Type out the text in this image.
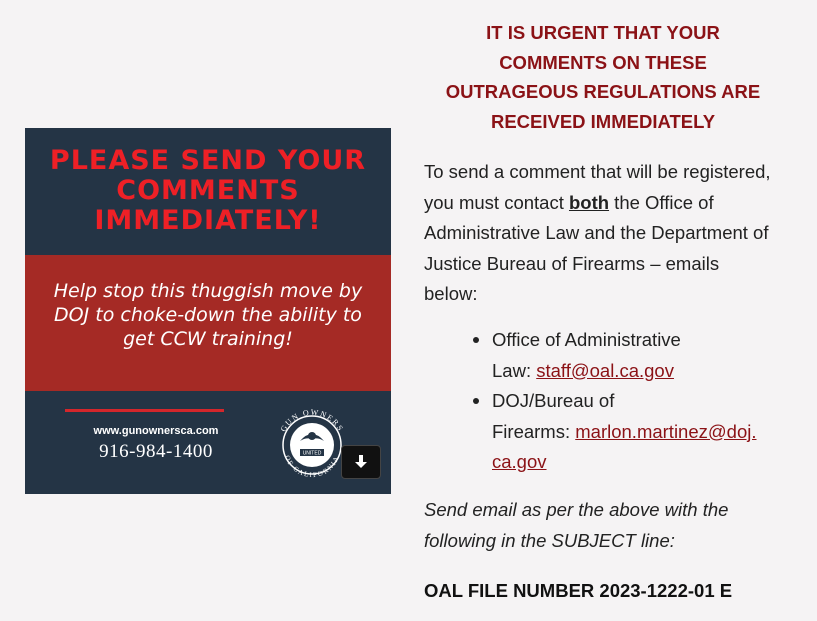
PLEASE SEND YOUR
COMMENTS
IMMEDIATELY!
Help stop this thuggish move by
DOJ to choke-down the ability to
get CCW training!
www.gunownersca.com
916-984-1400
GUN OWNERS
UNITED
OF CALIFORNIA
IT IS URGENT THAT YOUR
COMMENTS ON THESE
OUTRAGEOUS REGULATIONS ARE
RECEIVED IMMEDIATELY
To send a comment that will be registered, you must contact both the Office of Administrative Law and the Department of Justice Bureau of Firearms – emails below:
Office of Administrative
Law: staff@oal.ca.gov
DOJ/Bureau of
Firearms: marlon.martinez@doj.
ca.gov
Send email as per the above with the
following in the SUBJECT line:
OAL FILE NUMBER 2023-1222-01 E
